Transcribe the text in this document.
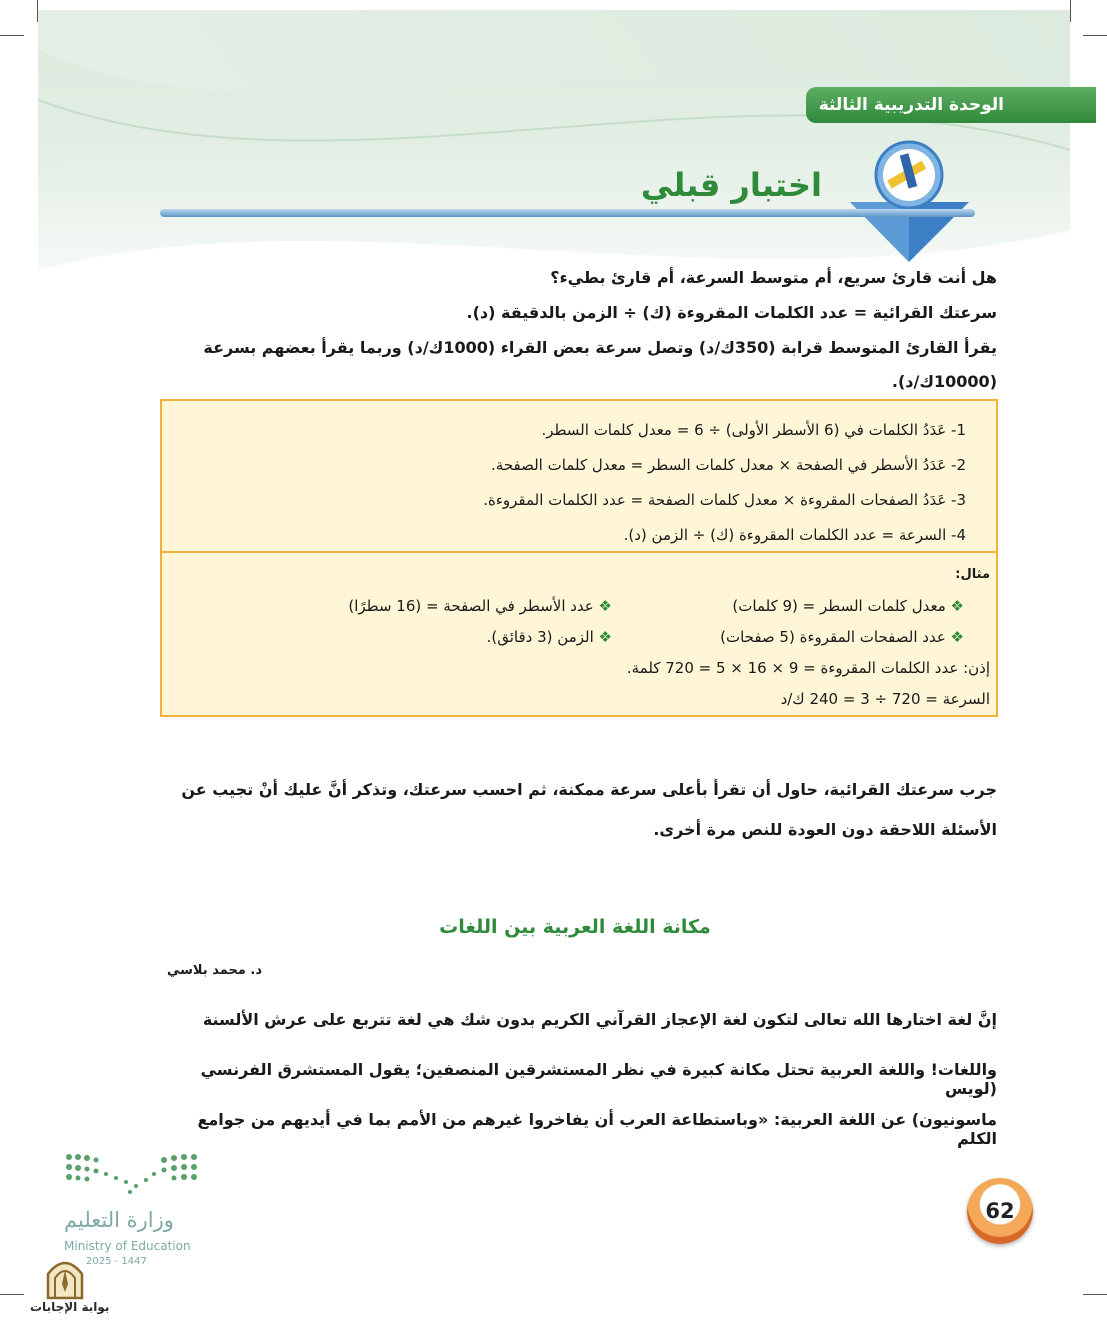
الوحدة التدريبية الثالثة
اختبار قبلي
هل أنت قارئ سريع، أم متوسط السرعة، أم قارئ بطيء؟
سرعتك القرائية = عدد الكلمات المقروءة (ك) ÷ الزمن بالدقيقة (د).
يقرأ القارئ المتوسط قرابة (350ك/د) وتصل سرعة بعض القراء (1000ك/د) وربما يقرأ بعضهم بسرعة
(10000ك/د).
1- عَدَدُ الكلمات في (6 الأسطر الأولى) ÷ 6 = معدل كلمات السطر.
2- عَدَدُ الأسطر في الصفحة × معدل كلمات السطر = معدل كلمات الصفحة.
3- عَدَدُ الصفحات المقروءة × معدل كلمات الصفحة = عدد الكلمات المقروءة.
4- السرعة = عدد الكلمات المقروءة (ك) ÷ الزمن (د).
مثال:
❖ معدل كلمات السطر = (9 كلمات)
❖ عدد الأسطر في الصفحة = (16 سطرًا)
❖ عدد الصفحات المقروءة (5 صفحات)
❖ الزمن (3 دقائق).
إذن: عدد الكلمات المقروءة = 9 × 16 × 5 = 720 كلمة.
السرعة = 720 ÷ 3 = 240 ك/د
جرب سرعتك القرائية، حاول أن تقرأ بأعلى سرعة ممكنة، ثم احسب سرعتك، وتذكر أنَّ عليك أنْ تجيب عن
الأسئلة اللاحقة دون العودة للنص مرة أخرى.
مكانة اللغة العربية بين اللغات
د. محمد بلاسي
إنَّ لغة اختارها الله تعالى لتكون لغة الإعجاز القرآني الكريم بدون شك هي لغة تتربع على عرش الألسنة
واللغات! واللغة العربية تحتل مكانة كبيرة في نظر المستشرقين المنصفين؛ يقول المستشرق الفرنسي (لويس
ماسونيون) عن اللغة العربية: «وباستطاعة العرب أن يفاخروا غيرهم من الأمم بما في أيديهم من جوامع الكلم
وزارة التعليم
Ministry of Education
2025 - 1447
بوابة الإجابات
62
